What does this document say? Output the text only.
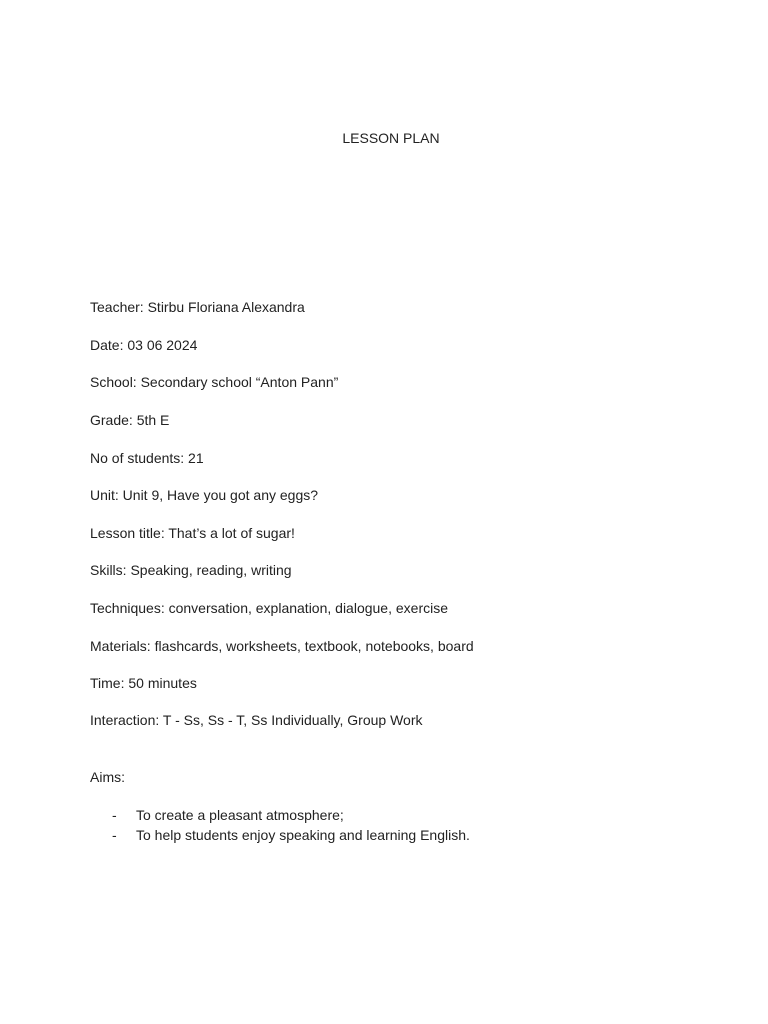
LESSON PLAN
Teacher: Stirbu Floriana Alexandra
Date: 03 06 2024
School: Secondary school “Anton Pann”
Grade: 5th E
No of students: 21
Unit: Unit 9, Have you got any eggs?
Lesson title: That’s a lot of sugar!
Skills: Speaking, reading, writing
Techniques: conversation, explanation, dialogue, exercise
Materials: flashcards, worksheets, textbook, notebooks, board
Time: 50 minutes
Interaction: T - Ss, Ss - T, Ss Individually, Group Work
Aims:
- To create a pleasant atmosphere;
- To help students enjoy speaking and learning English.
